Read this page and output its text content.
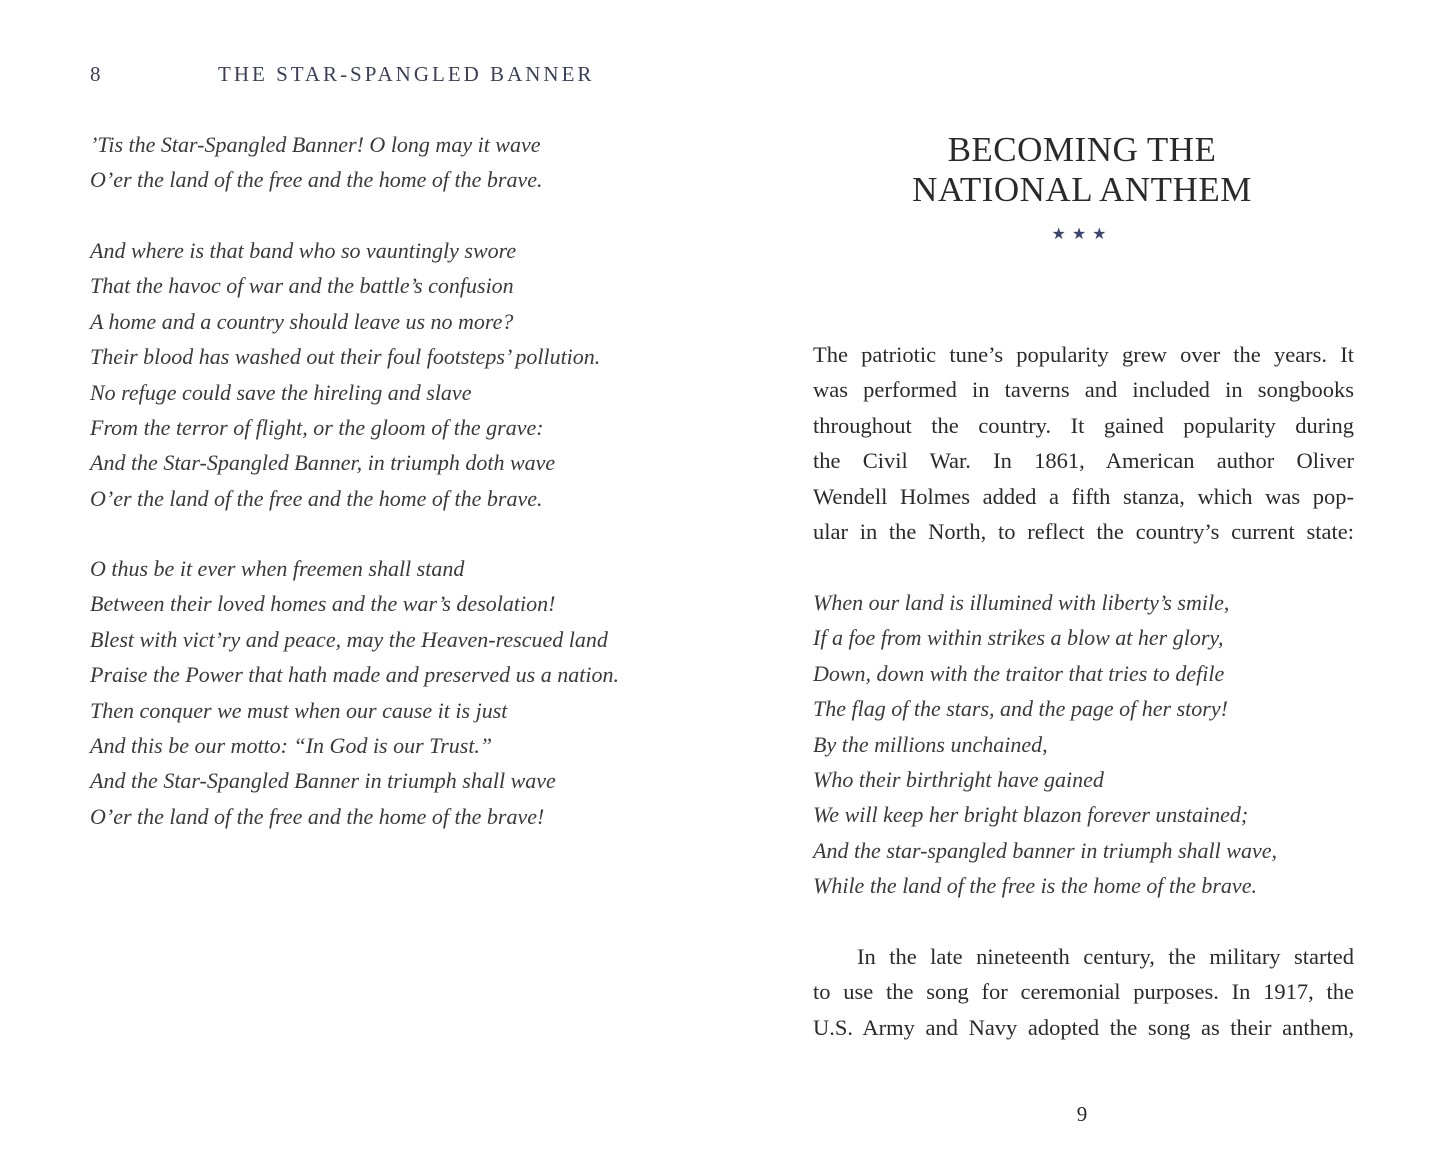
8	THE STAR-SPANGLED BANNER
’Tis the Star-Spangled Banner! O long may it wave
O’er the land of the free and the home of the brave.
And where is that band who so vauntingly swore
That the havoc of war and the battle’s confusion
A home and a country should leave us no more?
Their blood has washed out their foul footsteps’ pollution.
No refuge could save the hireling and slave
From the terror of flight, or the gloom of the grave:
And the Star-Spangled Banner, in triumph doth wave
O’er the land of the free and the home of the brave.
O thus be it ever when freemen shall stand
Between their loved homes and the war’s desolation!
Blest with vict’ry and peace, may the Heaven-rescued land
Praise the Power that hath made and preserved us a nation.
Then conquer we must when our cause it is just
And this be our motto: “In God is our Trust.”
And the Star-Spangled Banner in triumph shall wave
O’er the land of the free and the home of the brave!
BECOMING THE
NATIONAL ANTHEM
★★★
The patriotic tune’s popularity grew over the years. It
was performed in taverns and included in songbooks
throughout the country. It gained popularity during
the Civil War. In 1861, American author Oliver
Wendell Holmes added a fifth stanza, which was pop-
ular in the North, to reflect the country’s current state:
When our land is illumined with liberty’s smile,
If a foe from within strikes a blow at her glory,
Down, down with the traitor that tries to defile
The flag of the stars, and the page of her story!
By the millions unchained,
Who their birthright have gained
We will keep her bright blazon forever unstained;
And the star-spangled banner in triumph shall wave,
While the land of the free is the home of the brave.
In the late nineteenth century, the military started
to use the song for ceremonial purposes. In 1917, the
U.S. Army and Navy adopted the song as their anthem,
9
